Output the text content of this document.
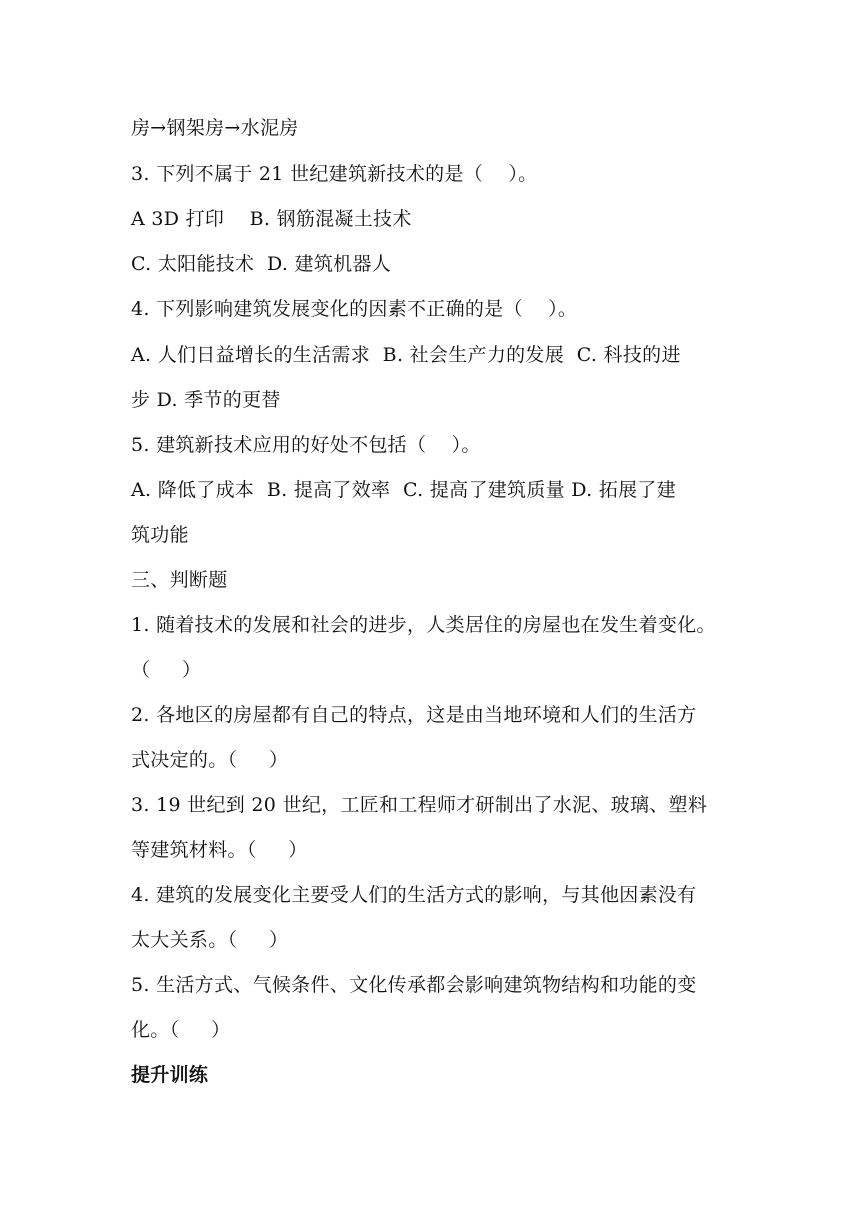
房→钢架房→水泥房
3. 下列不属于 21 世纪建筑新技术的是（    ）。
A 3D 打印    B. 钢筋混凝土技术
C. 太阳能技术  D. 建筑机器人
4. 下列影响建筑发展变化的因素不正确的是（    ）。
A. 人们日益增长的生活需求  B. 社会生产力的发展  C. 科技的进
步 D. 季节的更替
5. 建筑新技术应用的好处不包括（    ）。
A. 降低了成本  B. 提高了效率  C. 提高了建筑质量 D. 拓展了建
筑功能
三、判断题
1. 随着技术的发展和社会的进步，人类居住的房屋也在发生着变化。
（     ）
2. 各地区的房屋都有自己的特点，这是由当地环境和人们的生活方
式决定的。（     ）
3. 19 世纪到 20 世纪，工匠和工程师才研制出了水泥、玻璃、塑料
等建筑材料。（     ）
4. 建筑的发展变化主要受人们的生活方式的影响，与其他因素没有
太大关系。（     ）
5. 生活方式、气候条件、文化传承都会影响建筑物结构和功能的变
化。（     ）
提升训练
